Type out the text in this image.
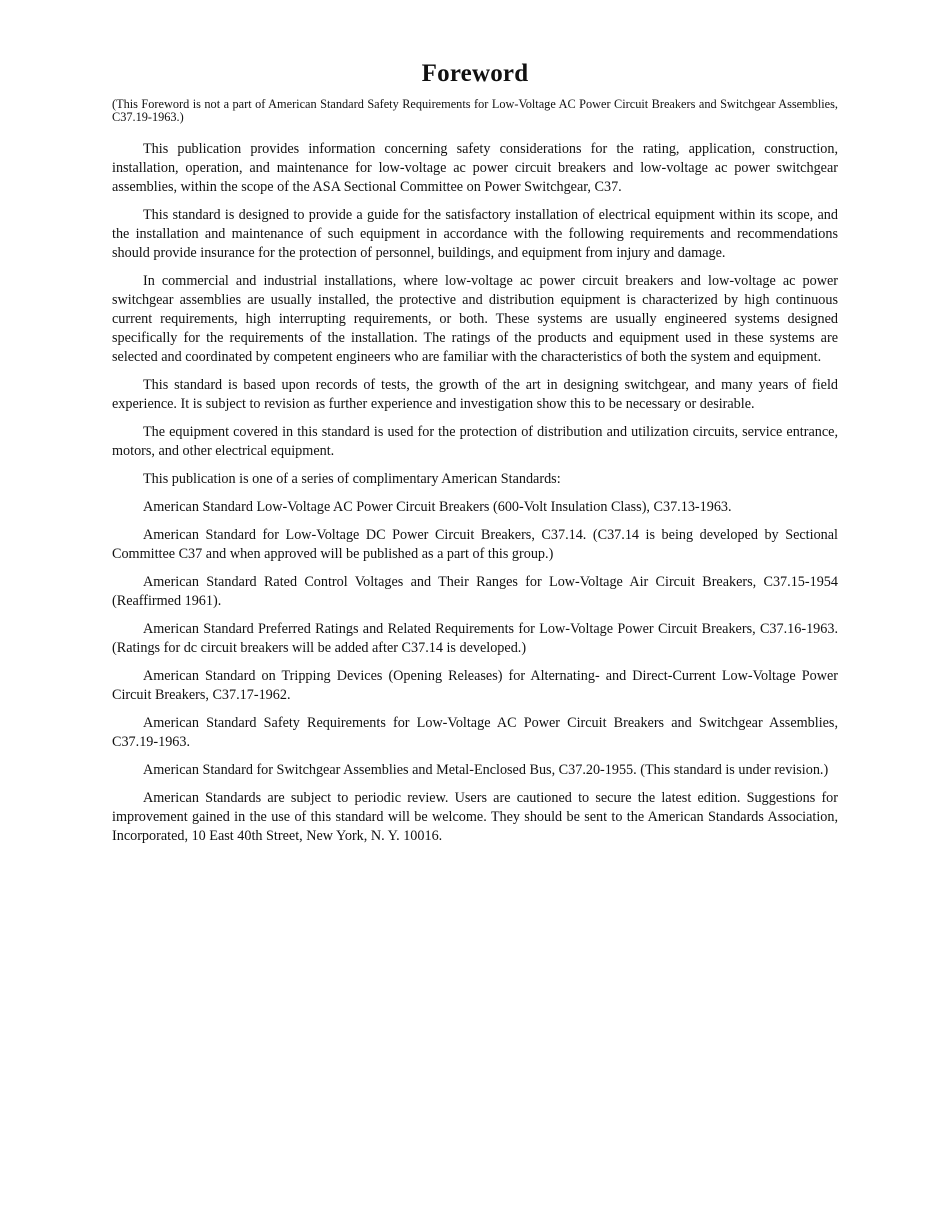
Foreword

(This Foreword is not a part of American Standard Safety Requirements for Low-Voltage AC Power Circuit Breakers and Switchgear Assemblies, C37.19-1963.)

This publication provides information concerning safety considerations for the rating, application, construction, installation, operation, and maintenance for low-voltage ac power circuit breakers and low-voltage ac power switchgear assemblies, within the scope of the ASA Sectional Committee on Power Switchgear, C37.

This standard is designed to provide a guide for the satisfactory installation of electrical equipment within its scope, and the installation and maintenance of such equipment in accordance with the following requirements and recommendations should provide insurance for the protection of personnel, buildings, and equipment from injury and damage.

In commercial and industrial installations, where low-voltage ac power circuit breakers and low-voltage ac power switchgear assemblies are usually installed, the protective and distribution equipment is characterized by high continuous current requirements, high interrupting requirements, or both. These systems are usually engineered systems designed specifically for the requirements of the installation. The ratings of the products and equipment used in these systems are selected and coordinated by competent engineers who are familiar with the characteristics of both the system and equipment.

This standard is based upon records of tests, the growth of the art in designing switchgear, and many years of field experience. It is subject to revision as further experience and investigation show this to be necessary or desirable.

The equipment covered in this standard is used for the protection of distribution and utilization circuits, service entrance, motors, and other electrical equipment.

This publication is one of a series of complimentary American Standards:

American Standard Low-Voltage AC Power Circuit Breakers (600-Volt Insulation Class), C37.13-1963.

American Standard for Low-Voltage DC Power Circuit Breakers, C37.14. (C37.14 is being developed by Sectional Committee C37 and when approved will be published as a part of this group.)

American Standard Rated Control Voltages and Their Ranges for Low-Voltage Air Circuit Breakers, C37.15-1954 (Reaffirmed 1961).

American Standard Preferred Ratings and Related Requirements for Low-Voltage Power Circuit Breakers, C37.16-1963. (Ratings for dc circuit breakers will be added after C37.14 is developed.)

American Standard on Tripping Devices (Opening Releases) for Alternating- and Direct-Current Low-Voltage Power Circuit Breakers, C37.17-1962.

American Standard Safety Requirements for Low-Voltage AC Power Circuit Breakers and Switchgear Assemblies, C37.19-1963.

American Standard for Switchgear Assemblies and Metal-Enclosed Bus, C37.20-1955. (This standard is under revision.)

American Standards are subject to periodic review. Users are cautioned to secure the latest edition. Suggestions for improvement gained in the use of this standard will be welcome. They should be sent to the American Standards Association, Incorporated, 10 East 40th Street, New York, N. Y. 10016.
